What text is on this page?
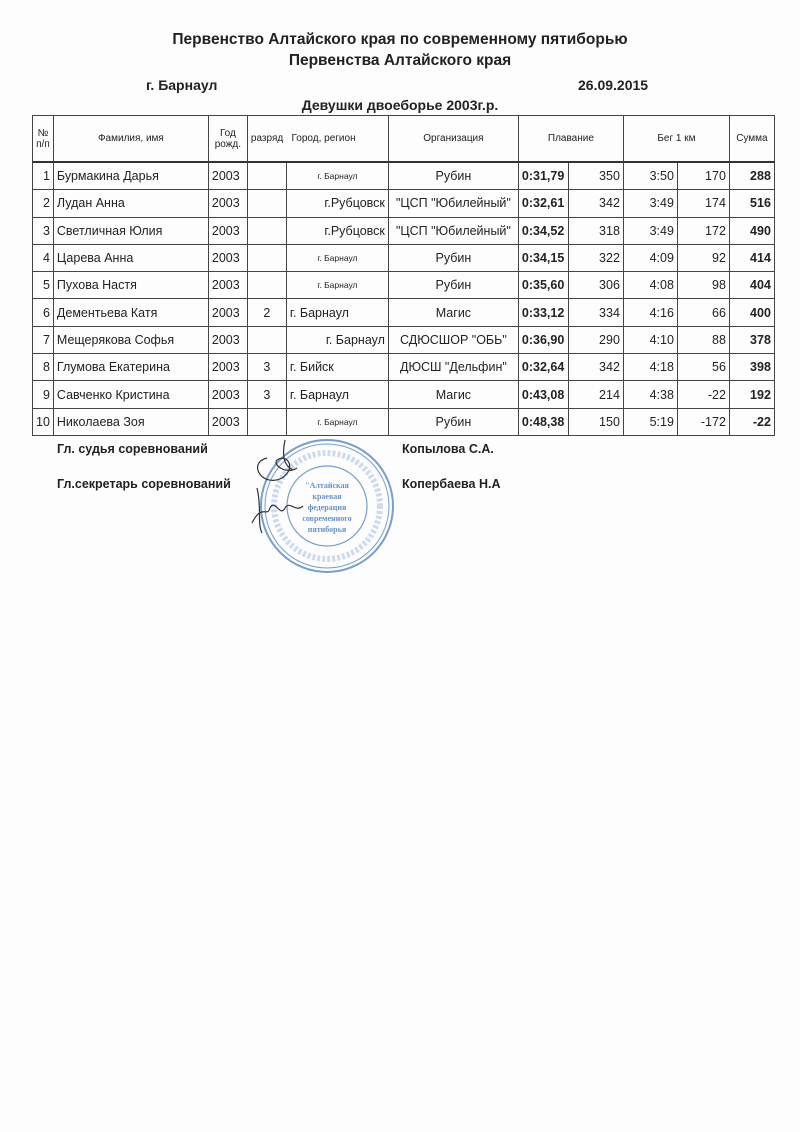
Первенство Алтайского края по современному пятиборью
Первенства Алтайского края
г. Барнаул	26.09.2015
Девушки двоеборье 2003г.р.
№ п/п	Фамилия, имя	Год рожд.	разряд Город, регион		Организация	Плавание		Бег 1 км		Сумма
1	Бурмакина Дарья	2003		г. Барнаул	Рубин	0:31,79	350	3:50	170	288
2	Лудан Анна	2003		г.Рубцовск	"ЦСП "Юбилейный"	0:32,61	342	3:49	174	516
3	Светличная Юлия	2003		г.Рубцовск	"ЦСП "Юбилейный"	0:34,52	318	3:49	172	490
4	Царева Анна	2003		г. Барнаул	Рубин	0:34,15	322	4:09	92	414
5	Пухова Настя	2003		г. Барнаул	Рубин	0:35,60	306	4:08	98	404
6	Дементьева Катя	2003	2	г. Барнаул	Магис	0:33,12	334	4:16	66	400
7	Мещерякова Софья	2003		г. Барнаул	СДЮСШОР "ОБЬ"	0:36,90	290	4:10	88	378
8	Глумова Екатерина	2003	3	г. Бийск	ДЮСШ "Дельфин"	0:32,64	342	4:18	56	398
9	Савченко Кристина	2003	3	г. Барнаул	Магис	0:43,08	214	4:38	-22	192
10	Николаева Зоя	2003		г. Барнаул	Рубин	0:48,38	150	5:19	-172	-22
Гл. судья соревнований	Копылова С.А.
Гл.секретарь соревнований	Копербаева Н.А
"Алтайская
краевая
федерация
современного
пятиборья
